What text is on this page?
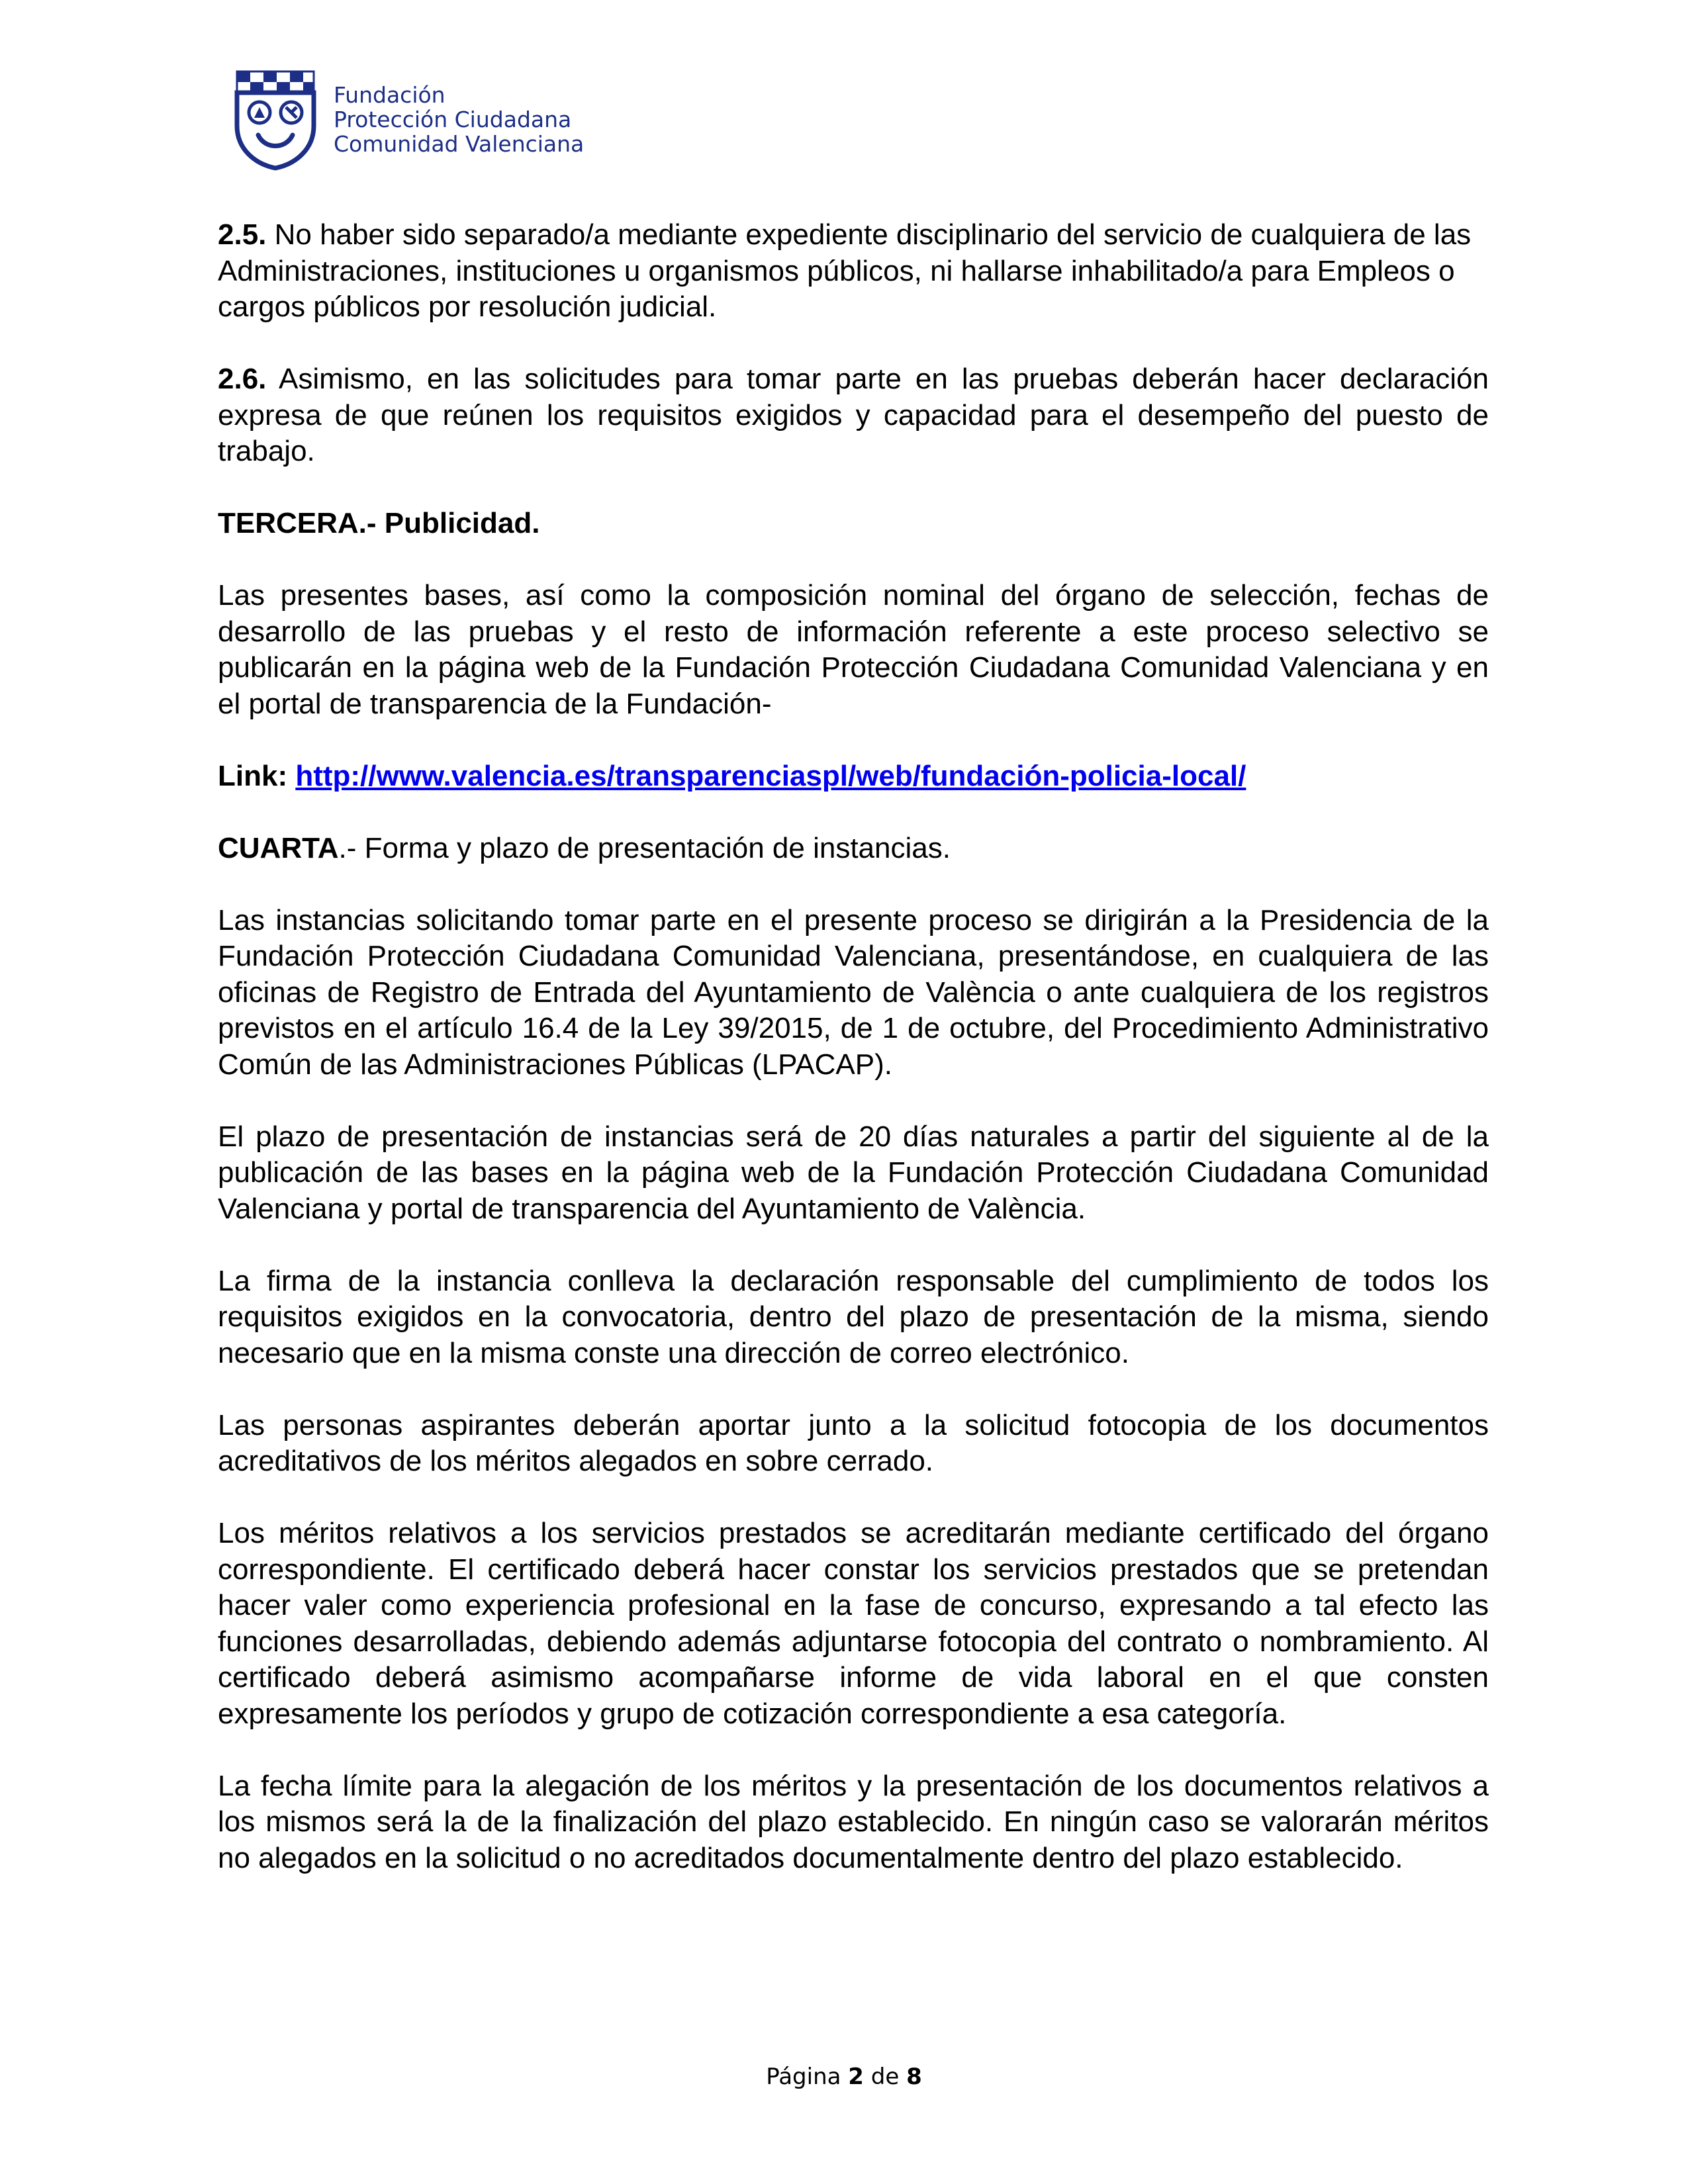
Fundación
Protección Ciudadana
Comunidad Valenciana
2.5. No haber sido separado/a mediante expediente disciplinario del servicio de cualquiera de las Administraciones, instituciones u organismos públicos, ni hallarse inhabilitado/a para Empleos o cargos públicos por resolución judicial.
2.6. Asimismo, en las solicitudes para tomar parte en las pruebas deberán hacer declaración expresa de que reúnen los requisitos exigidos y capacidad para el desempeño del puesto de trabajo.
TERCERA.- Publicidad.
Las presentes bases, así como la composición nominal del órgano de selección, fechas de desarrollo de las pruebas y el resto de información referente a este proceso selectivo se publicarán en la página web de la Fundación Protección Ciudadana Comunidad Valenciana y en el portal de transparencia de la Fundación-
Link: http://www.valencia.es/transparenciaspl/web/fundación-policia-local/
CUARTA.- Forma y plazo de presentación de instancias.
Las instancias solicitando tomar parte en el presente proceso se dirigirán a la Presidencia de la Fundación Protección Ciudadana Comunidad Valenciana, presentándose, en cualquiera de las oficinas de Registro de Entrada del Ayuntamiento de València o ante cualquiera de los registros previstos en el artículo 16.4 de la Ley 39/2015, de 1 de octubre, del Procedimiento Administrativo Común de las Administraciones Públicas (LPACAP).
El plazo de presentación de instancias será de 20 días naturales a partir del siguiente al de la publicación de las bases en la página web de la Fundación Protección Ciudadana Comunidad Valenciana y portal de transparencia del Ayuntamiento de València.
La firma de la instancia conlleva la declaración responsable del cumplimiento de todos los requisitos exigidos en la convocatoria, dentro del plazo de presentación de la misma, siendo necesario que en la misma conste una dirección de correo electrónico.
Las personas aspirantes deberán aportar junto a la solicitud fotocopia de los documentos acreditativos de los méritos alegados en sobre cerrado.
Los méritos relativos a los servicios prestados se acreditarán mediante certificado del órgano correspondiente. El certificado deberá hacer constar los servicios prestados que se pretendan hacer valer como experiencia profesional en la fase de concurso, expresando a tal efecto las funciones desarrolladas, debiendo además adjuntarse fotocopia del contrato o nombramiento. Al certificado deberá asimismo acompañarse informe de vida laboral en el que consten expresamente los períodos y grupo de cotización correspondiente a esa categoría.
La fecha límite para la alegación de los méritos y la presentación de los documentos relativos a los mismos será la de la finalización del plazo establecido. En ningún caso se valorarán méritos no alegados en la solicitud o no acreditados documentalmente dentro del plazo establecido.
Página 2 de 8
